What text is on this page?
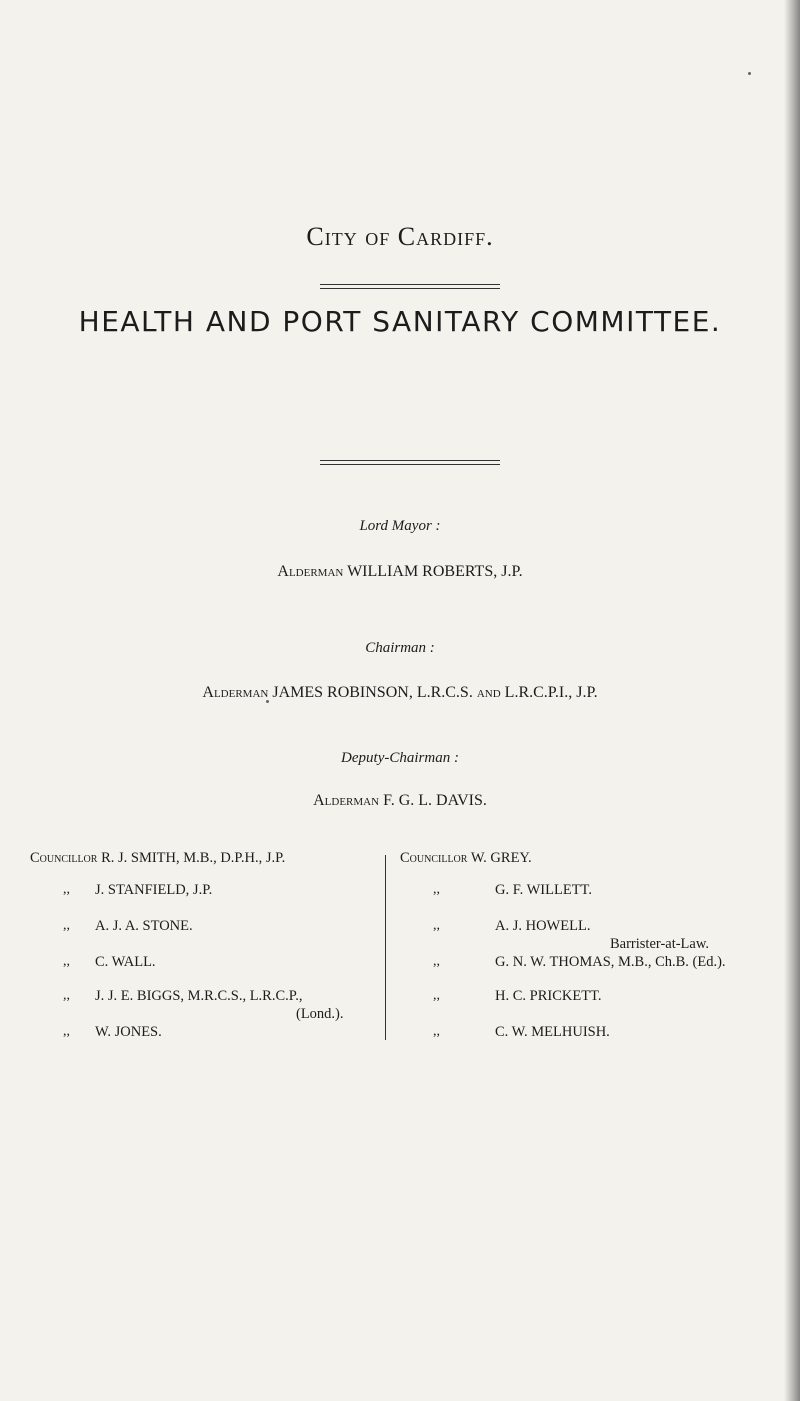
City of Cardiff.
HEALTH AND PORT SANITARY COMMITTEE.
Lord Mayor :
Alderman WILLIAM ROBERTS, J.P.
Chairman :
Alderman JAMES ROBINSON, L.R.C.S. and L.R.C.P.I., J.P.
Deputy-Chairman :
Alderman F. G. L. DAVIS.
Councillor R. J. SMITH, M.B., D.P.H., J.P.
,, J. STANFIELD, J.P.
,, A. J. A. STONE.
,, C. WALL.
,, J. J. E. BIGGS, M.R.C.S., L.R.C.P.,
(Lond.).
,, W. JONES.
Councillor W. GREY.
,,	G. F. WILLETT.
,,	A. J. HOWELL.
Barrister-at-Law.
,,	G. N. W. THOMAS, M.B., Ch.B. (Ed.).
,,	H. C. PRICKETT.
,,	C. W. MELHUISH.
